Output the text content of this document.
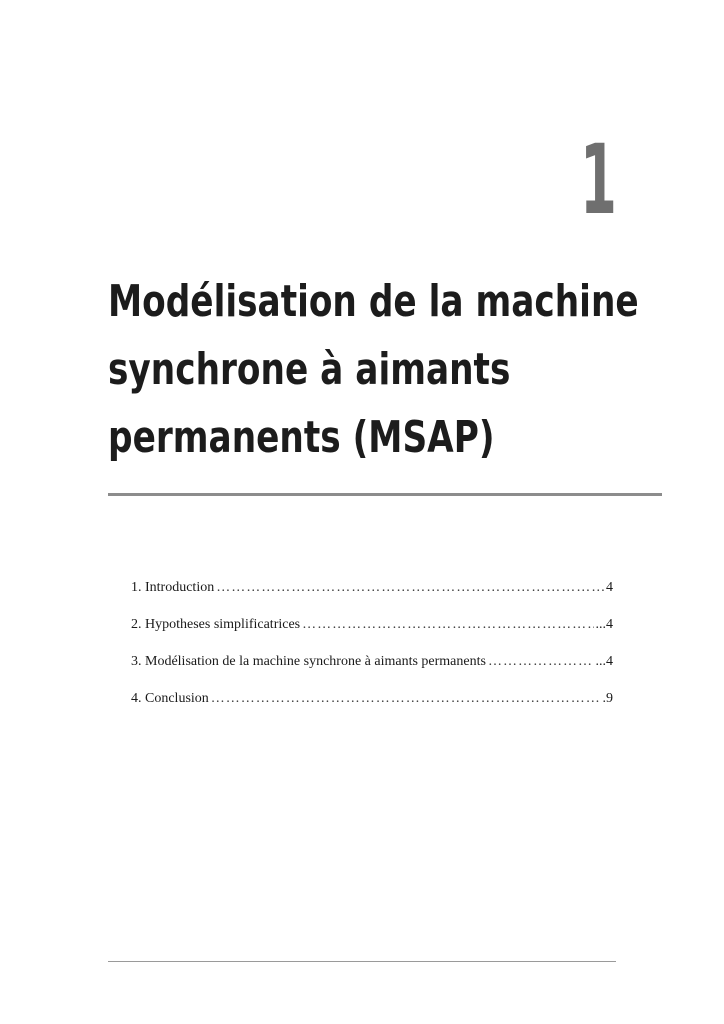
1
Modélisation de la machine
synchrone à aimants
permanents (MSAP)
1. Introduction …………………………………………………………………………………………………………………………………………………………	4
2. Hypotheses simplificatrices …………………………………………………………………………………………………………………………………………………………	...4
3. Modélisation de la machine synchrone à aimants permanents …………………………………………………………………………………………………………………………………………………………	...4
4. Conclusion …………………………………………………………………………………………………………………………………………………………	.9
